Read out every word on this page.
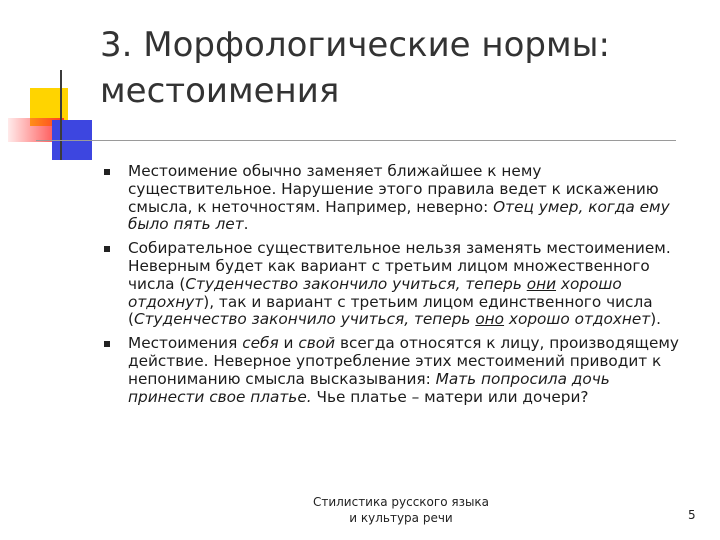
3. Морфологические нормы:
местоимения
Местоимение обычно заменяет ближайшее к нему существительное. Нарушение этого правила ведет к искажению смысла, к неточностям. Например, неверно: Отец умер, когда ему было пять лет.
Собирательное существительное нельзя заменять местоимением. Неверным будет как вариант с третьим лицом множественного числа (Студенчество закончило учиться, теперь они хорошо отдохнут), так и вариант с третьим лицом единственного числа (Студенчество закончило учиться, теперь оно хорошо отдохнет).
Местоимения себя и свой всегда относятся к лицу, производящему действие. Неверное употребление этих местоимений приводит к непониманию смысла высказывания: Мать попросила дочь принести свое платье. Чье платье – матери или дочери?
Стилистика русского языка
и культура речи	5
